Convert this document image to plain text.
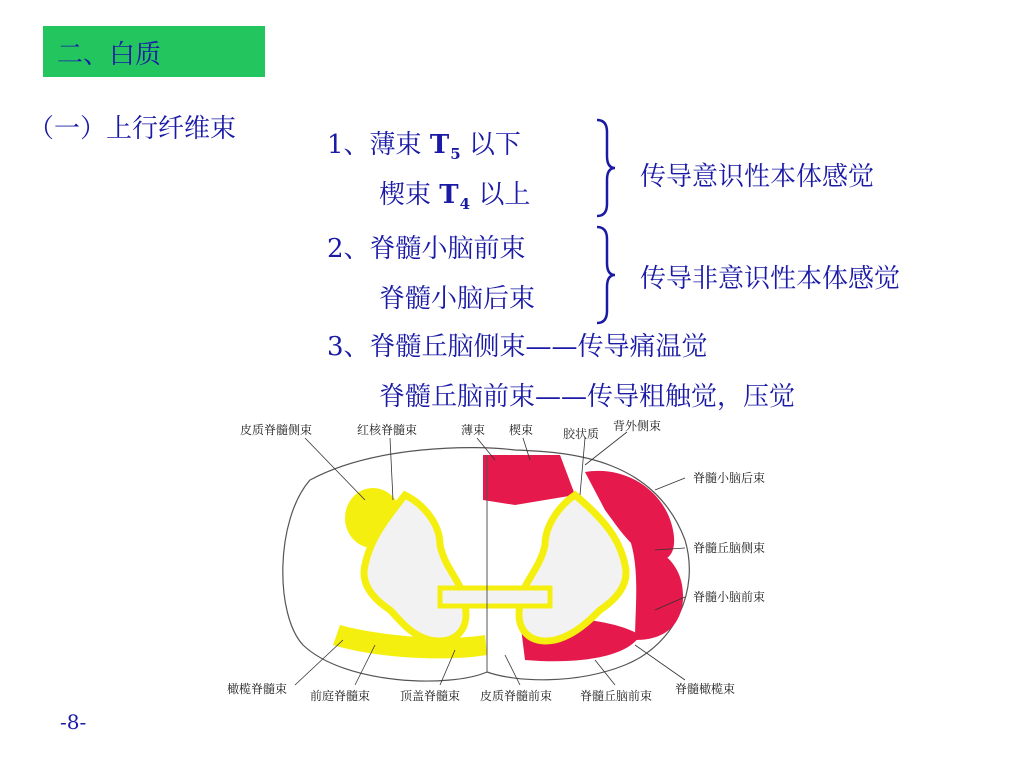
二、白质
（一）上行纤维束
1、薄束 $T_5$ 以下
楔束 $T_4$ 以上
传导意识性本体感觉
2、脊髓小脑前束
脊髓小脑后束
传导非意识性本体感觉
3、脊髓丘脑侧束——传导痛温觉
脊髓丘脑前束——传导粗触觉，压觉
皮质脊髓侧束	红核脊髓束	薄束 楔束 胶状质
背外侧束
脊髓小脑后束
脊髓丘脑侧束
脊髓小脑前束
橄榄脊髓束 前庭脊髓束 顶盖脊髓束 皮质脊髓前束 脊髓丘脑前束 脊髓橄榄束
-8-
